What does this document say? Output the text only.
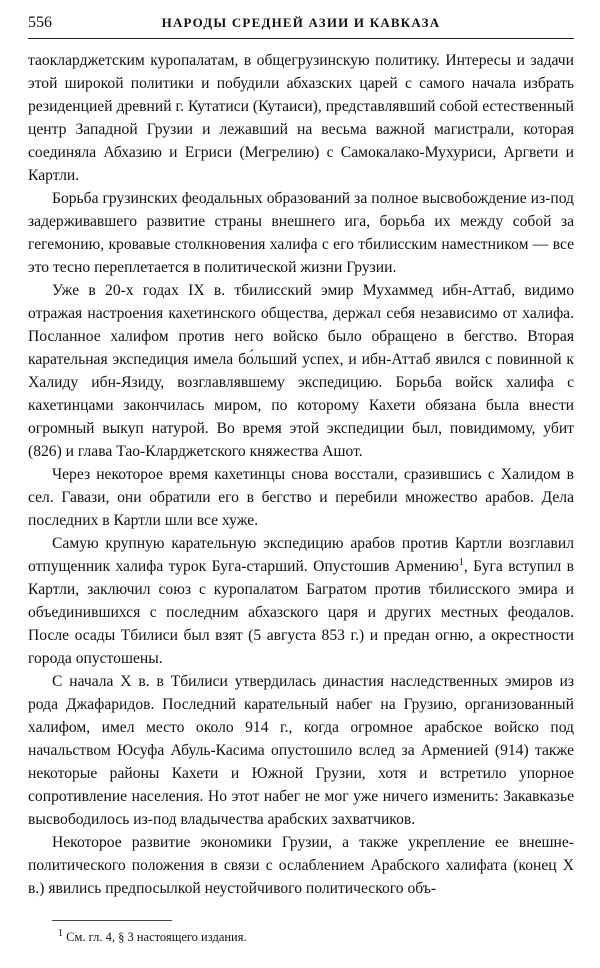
556	НАРОДЫ СРЕДНЕЙ АЗИИ И КАВКАЗА

таокларджетским куропалатам, в общегрузинскую политику. Интересы и задачи этой широкой политики и побудили абхазских царей с самого начала избрать резиденцией древний г. Кутатиси (Кутаиси), представлявший собой естественный центр Западной Грузии и лежавший на весьма важной магистрали, которая соединяла Абхазию и Егриси (Мегрелию) с Самокалако-Мухуриси, Аргвети и Картли.

Борьба грузинских феодальных образований за полное высвобождение из-под задерживавшего развитие страны внешнего ига, борьба их между собой за гегемонию, кровавые столкновения халифа с его тбилисским наместником — все это тесно переплетается в политической жизни Грузии.

Уже в 20-х годах IX в. тбилисский эмир Мухаммед ибн-Аттаб, видимо отражая настроения кахетинского общества, держал себя независимо от халифа. Посланное халифом против него войско было обращено в бегство. Вторая карательная экспедиция имела бо́льший успех, и ибн-Аттаб явился с повинной к Халиду ибн-Язиду, возглавлявшему экспедицию. Борьба войск халифа с кахетинцами закончилась миром, по которому Кахети обязана была внести огромный выкуп натурой. Во время этой экспедиции был, повидимому, убит (826) и глава Тао-Кларджетского княжества Ашот.

Через некоторое время кахетинцы снова восстали, сразившись с Халидом в сел. Гавази, они обратили его в бегство и перебили множество арабов. Дела последних в Картли шли все хуже.

Самую крупную карательную экспедицию арабов против Картли возглавил отпущенник халифа турок Буга-старший. Опустошив Армению$^1$, Буга вступил в Картли, заключил союз с куропалатом Багратом против тбилисского эмира и объединившихся с последним абхазского царя и других местных феодалов. После осады Тбилиси был взят (5 августа 853 г.) и предан огню, а окрестности города опустошены.

С начала X в. в Тбилиси утвердилась династия наследственных эмиров из рода Джафаридов. Последний карательный набег на Грузию, организованный халифом, имел место около 914 г., когда огромное арабское войско под начальством Юсуфа Абуль-Касима опустошило вслед за Арменией (914) также некоторые районы Кахети и Южной Грузии, хотя и встретило упорное сопротивление населения. Но этот набег не мог уже ничего изменить: Закавказье высвободилось из-под владычества арабских захватчиков.

Некоторое развитие экономики Грузии, а также укрепление ее внешнеполитического положения в связи с ослаблением Арабского халифата (конец X в.) явились предпосылкой неустойчивого политического объ-

$^1$ См. гл. 4, § 3 настоящего издания.
